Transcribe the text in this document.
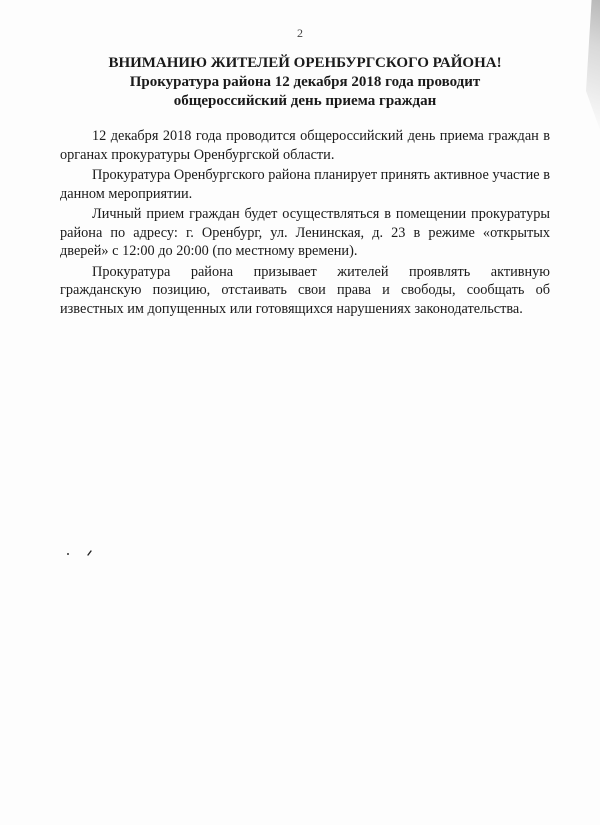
2
ВНИМАНИЮ ЖИТЕЛЕЙ ОРЕНБУРГСКОГО РАЙОНА!
Прокуратура района 12 декабря 2018 года проводит
общероссийский день приема граждан

12 декабря 2018 года проводится общероссийский день приема граждан в органах прокуратуры Оренбургской области.

Прокуратура Оренбургского района планирует принять активное участие в данном мероприятии.

Личный прием граждан будет осуществляться в помещении прокуратуры района по адресу: г. Оренбург, ул. Ленинская, д. 23 в режиме «открытых дверей» с 12:00 до 20:00 (по местному времени).

Прокуратура района призывает жителей проявлять активную гражданскую позицию, отстаивать свои права и свободы, сообщать об известных им допущенных или готовящихся нарушениях законодательства.
